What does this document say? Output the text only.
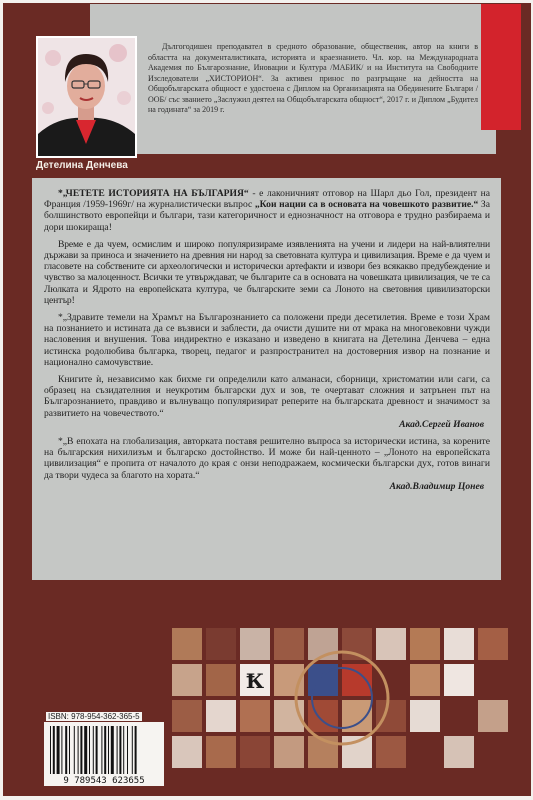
Детелина Денчева

Дългогодишен преподавател в средното образование, общественик, автор на книги в областта на документалистиката, историята и краезнанието. Чл. кор. на Международната Академия по Българознание, Иновации и Култура /МАБИК/ и на Института на Свободните Изследователи „ХИСТОРИОН“. За активен принос по разгръщане на дейността на Общобългарската общност е удостоена с Диплом на Организацията на Обединените Българи /ООБ/ със званието „Заслужил деятел на Общобългарската общност“, 2017 г. и Диплом „Будител на годината“ за 2019 г.

*„ЧЕТЕТЕ ИСТОРИЯТА НА БЪЛГАРИЯ“ - е лаконичният отговор на Шарл дьо Гол, президент на Франция /1959-1969г/ на журналистически въпрос „Кои нации са в основата на човешкото развитие.“ За болшинството европейци и българи, тази категоричност и еднозначност на отговора е трудно разбираема и дори шокираща!

Време е да чуем, осмислим и широко популяризираме изявленията на учени и лидери на най-влиятелни държави за приноса и значението на древния ни народ за световната култура и цивилизация. Време е да чуем и гласовете на собствените си археологически и исторически артефакти и извори без всякакво предубеждение и чувство за малоценност. Всички те утвърждават, че българите са в основата на човешката цивилизация, че те са Люлката и Ядрото на европейската култура, че българските земи са Лоното на световния цивилизаторски център!

*„Здравите темели на Храмът на Българознанието са положени преди десетилетия. Време е този Храм на познанието и истината да се възвиси и заблести, да очисти душите ни от мрака на многовековни чужди насловения и внушения. Това индиректно е изказано и изведено в книгата на Детелина Денчева – една истинска родолюбива българка, творец, педагог и разпространител на достоверния извор на познание и национално самочувствие.

Книгите ѝ, независимо как бихме ги определили като алманаси, сборници, христоматии или саги, са образец на съзидателния и неукротим български дух и зов, те очертават сложния и затрънен път на Българознанието, правдиво и вълнуващо популяризират реперите на българската древност и значимост за развитието на човечеството.“
Акад.Сергей Иванов

*„В епохата на глобализация, авторката поставя решително въпроса за исторически истина, за корените на българския нихилизъм и българско достойнство. И може би най-ценното – „Лоното на европейската цивилизация“ е пропита от началото до края с онзи неподражаем, космически български дух, готов винаги да твори чудеса за благото на хората.“
Акад.Владимир Цонев

Ꝁ
ISBN: 978-954-362-365-5
9 789543 623655
